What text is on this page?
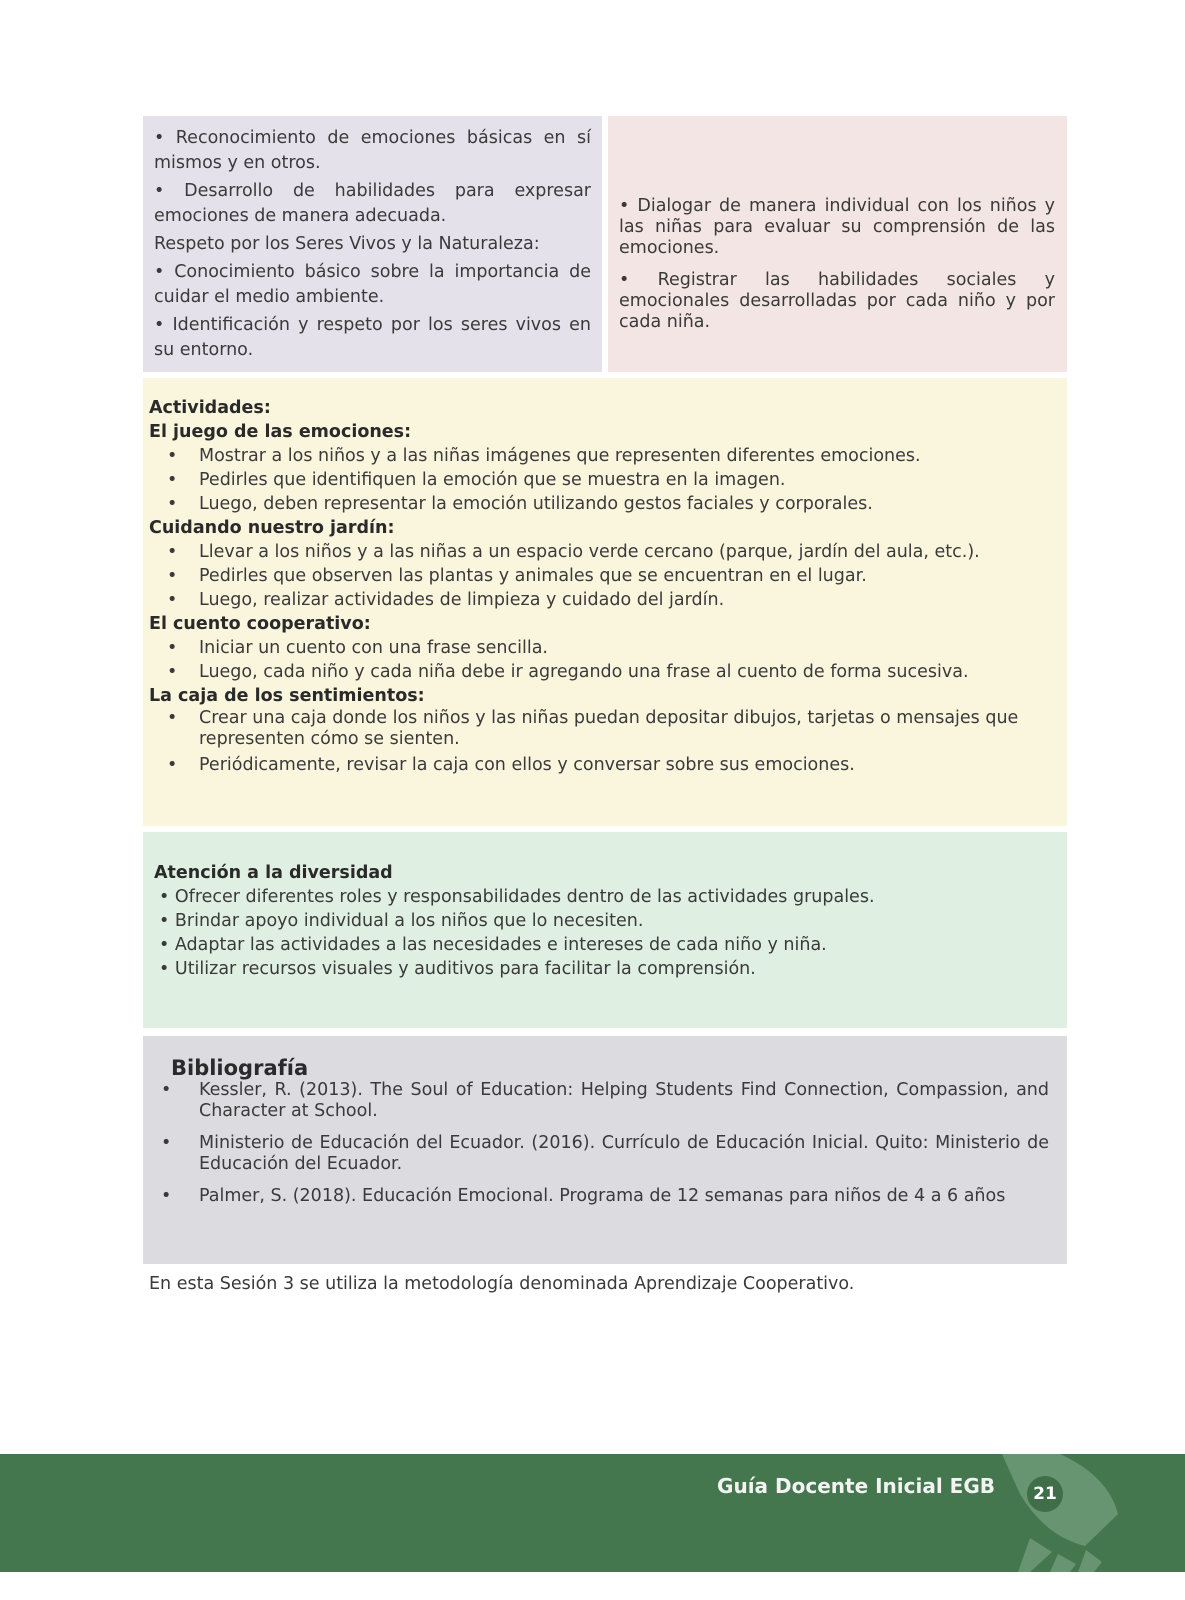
• Reconocimiento de emociones básicas en sí mismos y en otros.

• Desarrollo de habilidades para expresar emociones de manera adecuada.

Respeto por los Seres Vivos y la Naturaleza:

• Conocimiento básico sobre la importancia de cuidar el medio ambiente.

• Identificación y respeto por los seres vivos en su entorno.

• Dialogar de manera individual con los niños y las niñas para evaluar su comprensión de las emociones.

• Registrar las habilidades sociales y emocionales desarrolladas por cada niño y por cada niña.

Actividades:
El juego de las emociones:
• Mostrar a los niños y a las niñas imágenes que representen diferentes emociones.
• Pedirles que identifiquen la emoción que se muestra en la imagen.
• Luego, deben representar la emoción utilizando gestos faciales y corporales.
Cuidando nuestro jardín:
• Llevar a los niños y a las niñas a un espacio verde cercano (parque, jardín del aula, etc.).
• Pedirles que observen las plantas y animales que se encuentran en el lugar.
• Luego, realizar actividades de limpieza y cuidado del jardín.
El cuento cooperativo:
• Iniciar un cuento con una frase sencilla.
• Luego, cada niño y cada niña debe ir agregando una frase al cuento de forma sucesiva.
La caja de los sentimientos:
• Crear una caja donde los niños y las niñas puedan depositar dibujos, tarjetas o mensajes que representen cómo se sienten.
• Periódicamente, revisar la caja con ellos y conversar sobre sus emociones.
Atención a la diversidad
• Ofrecer diferentes roles y responsabilidades dentro de las actividades grupales.
• Brindar apoyo individual a los niños que lo necesiten.
• Adaptar las actividades a las necesidades e intereses de cada niño y niña.
• Utilizar recursos visuales y auditivos para facilitar la comprensión.
Bibliografía
• Kessler, R. (2013). The Soul of Education: Helping Students Find Connection, Compassion, and Character at School.
• Ministerio de Educación del Ecuador. (2016). Currículo de Educación Inicial. Quito: Ministerio de Educación del Ecuador.
• Palmer, S. (2018). Educación Emocional. Programa de 12 semanas para niños de 4 a 6 años
En esta Sesión 3 se utiliza la metodología denominada Aprendizaje Cooperativo.
Guía Docente Inicial EGB	21
